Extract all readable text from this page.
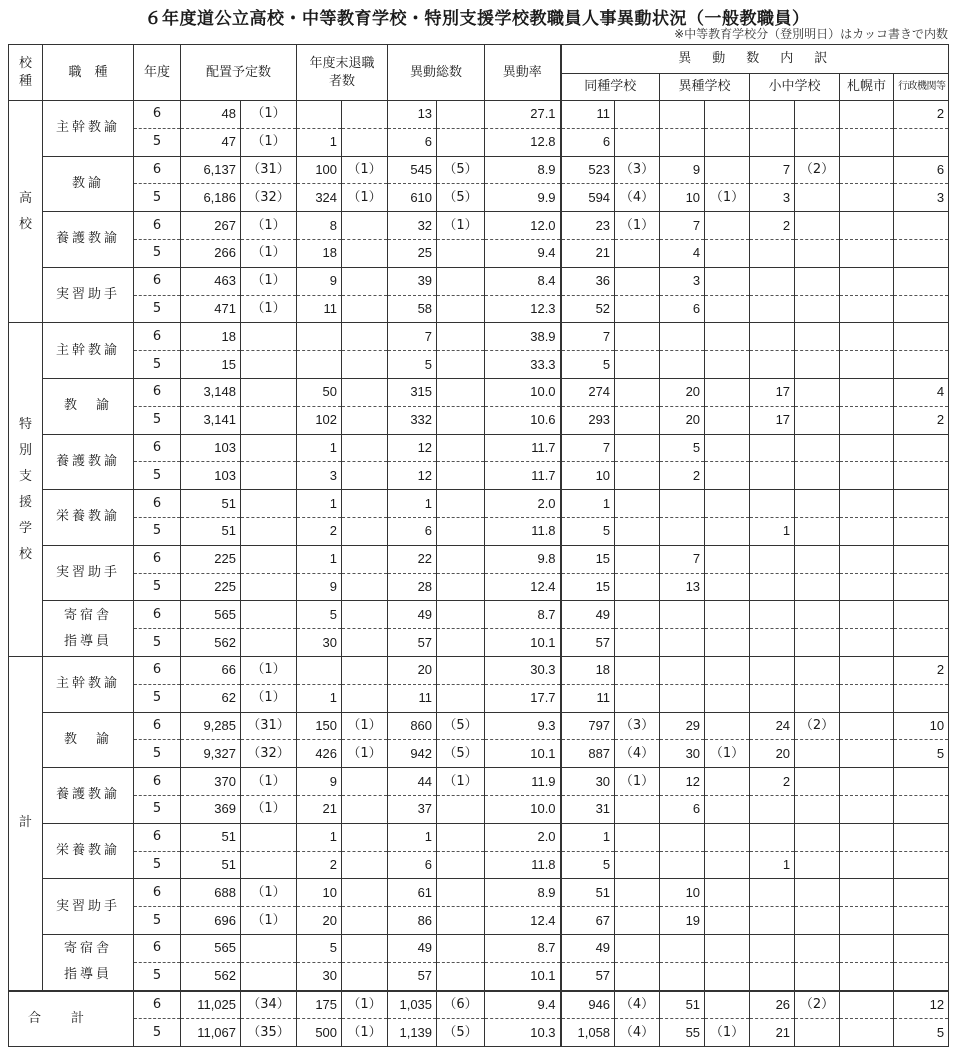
６年度道公立高校・中等教育学校・特別支援学校教職員人事異動状況（一般教職員）
※中等教育学校分（登別明日）はカッコ書きで内数
校種	職　種	年度	配置予定数		年度末退職者数		異動総数		異動率	異　動　数　内　訳							
										同種学校		異種学校		小中学校		札幌市	行政機関等
高校	主幹教諭	6	48	（1）			13		27.1	11							2
		5	47	（1）	1		6		12.8	6							
	教諭	6	6,137	（31）	100	（1）	545	（5）	8.9	523	（3）	9		7	（2）		6
		5	6,186	（32）	324	（1）	610	（5）	9.9	594	（4）	10	（1）	3			3
	養護教諭	6	267	（1）	8		32	（1）	12.0	23	（1）	7		2			
		5	266	（1）	18		25		9.4	21		4					
	実習助手	6	463	（1）	9		39		8.4	36		3					
		5	471	（1）	11		58		12.3	52		6					
特別支援学校	主幹教諭	6	18				7		38.9	7							
		5	15				5		33.3	5							
	教　諭	6	3,148		50		315		10.0	274		20		17			4
		5	3,141		102		332		10.6	293		20		17			2
	養護教諭	6	103		1		12		11.7	7		5					
		5	103		3		12		11.7	10		2					
	栄養教諭	6	51		1		1		2.0	1							
		5	51		2		6		11.8	5				1			
	実習助手	6	225		1		22		9.8	15		7					
		5	225		9		28		12.4	15		13					
	寄宿舎指導員	6	565		5		49		8.7	49							
		5	562		30		57		10.1	57							
計	主幹教諭	6	66	（1）			20		30.3	18							2
		5	62	（1）	1		11		17.7	11							
	教　諭	6	9,285	（31）	150	（1）	860	（5）	9.3	797	（3）	29		24	（2）		10
		5	9,327	（32）	426	（1）	942	（5）	10.1	887	（4）	30	（1）	20			5
	養護教諭	6	370	（1）	9		44	（1）	11.9	30	（1）	12		2			
		5	369	（1）	21		37		10.0	31		6					
	栄養教諭	6	51		1		1		2.0	1							
		5	51		2		6		11.8	5				1			
	実習助手	6	688	（1）	10		61		8.9	51		10					
		5	696	（1）	20		86		12.4	67		19					
	寄宿舎指導員	6	565		5		49		8.7	49							
		5	562		30		57		10.1	57							
合計		6	11,025	（34）	175	（1）	1,035	（6）	9.4	946	（4）	51		26	（2）		12
		5	11,067	（35）	500	（1）	1,139	（5）	10.3	1,058	（4）	55	（1）	21			5
